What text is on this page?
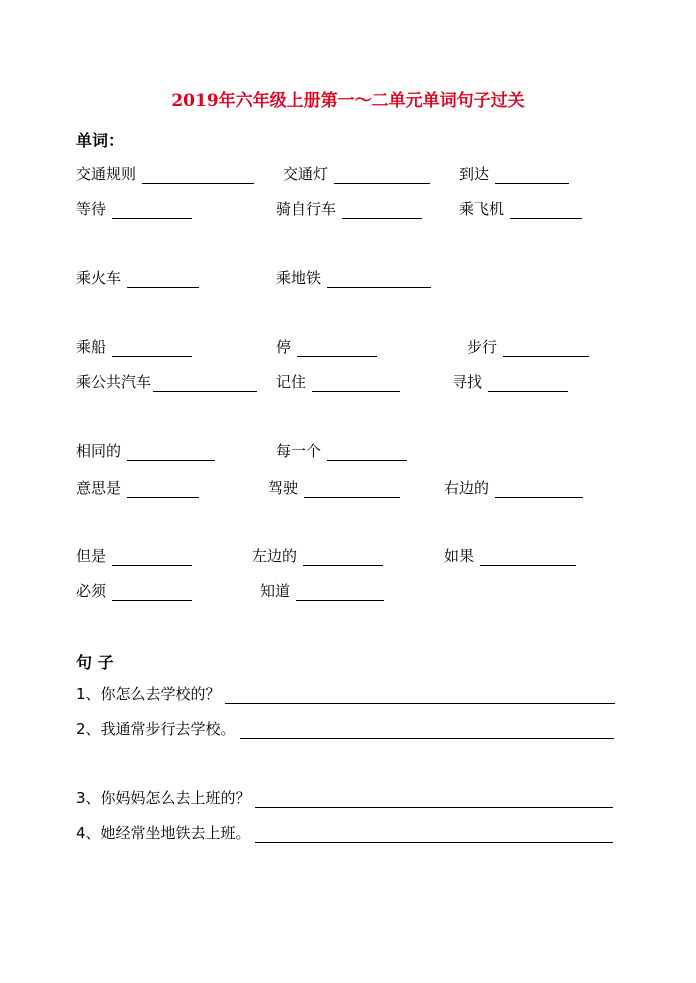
2019年六年级上册第一～二单元单词句子过关
单词：
交通规则	交通灯	到达
等待	骑自行车	乘飞机
乘火车	乘地铁
乘船	停	步行
乘公共汽车	记住	寻找
相同的	每一个
意思是	驾驶	右边的
但是	左边的	如果
必须	知道
句 子
1、你怎么去学校的？
2、我通常步行去学校。
3、你妈妈怎么去上班的？
4、她经常坐地铁去上班。
